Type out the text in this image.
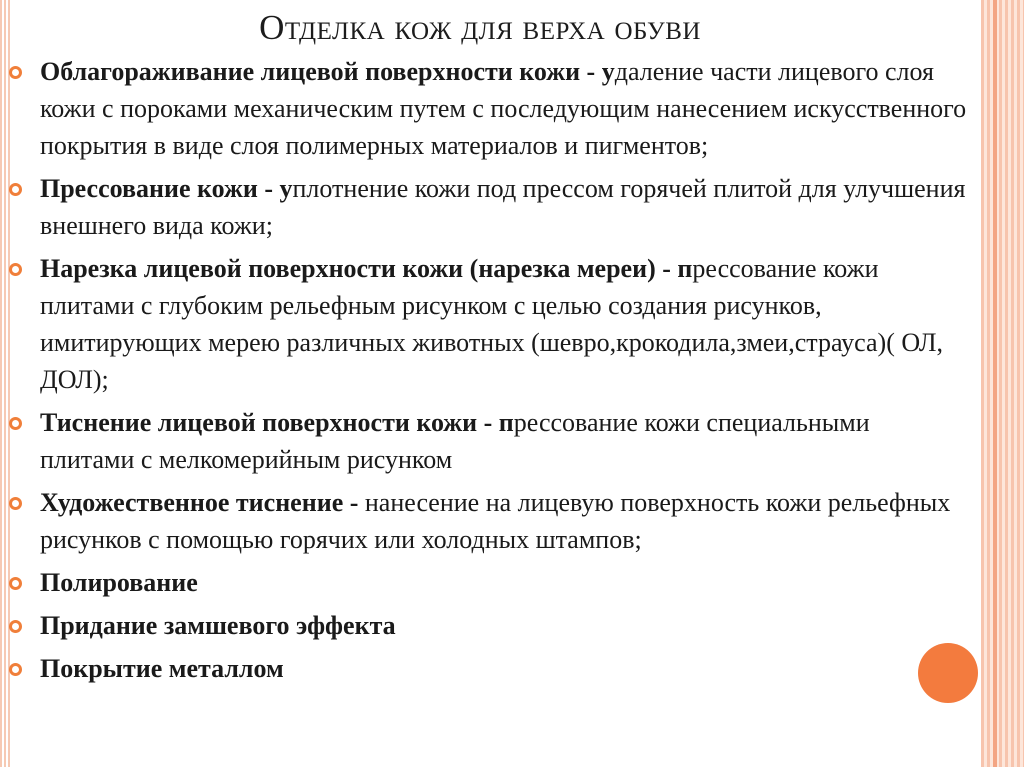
Отделка кож для верха обуви
Облагораживание лицевой поверхности кожи - удаление части лицевого слоя кожи с пороками механическим путем с последующим нанесением искусственного покрытия в виде слоя полимерных материалов и пигментов;
Прессование кожи - уплотнение кожи под прессом горячей плитой для улучшения внешнего вида кожи;
Нарезка лицевой поверхности кожи (нарезка мереи) - прессование кожи плитами с глубоким рельефным рисунком с целью создания рисунков, имитирующих мерею различных животных (шевро,крокодила,змеи,страуса)( ОЛ, ДОЛ);
Тиснение лицевой поверхности кожи - прессование кожи специальными плитами с мелкомерийным рисунком
Художественное тиснение - нанесение на лицевую поверхность кожи рельефных рисунков с помощью горячих или холодных штампов;
Полирование
Придание замшевого эффекта
Покрытие металлом
